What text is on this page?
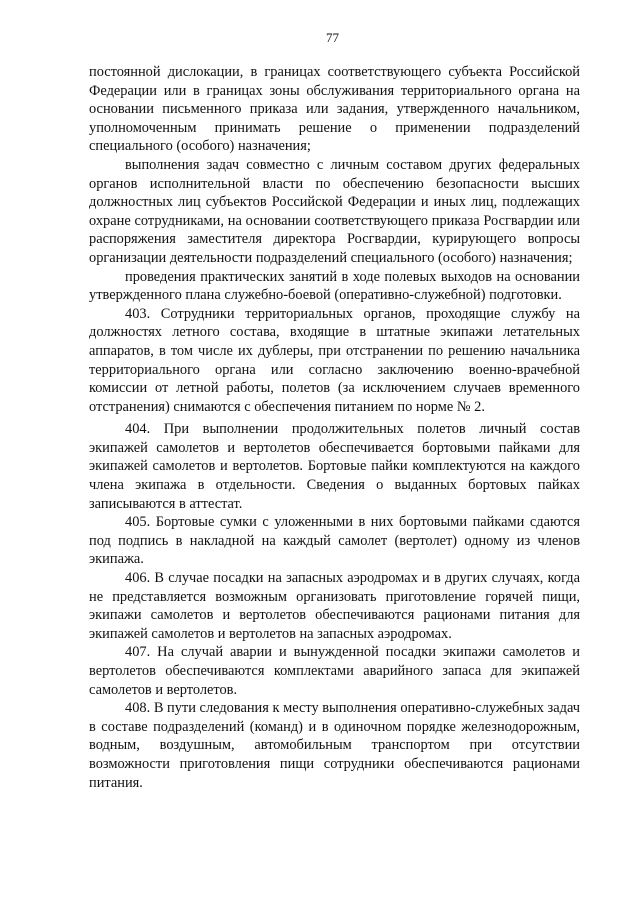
77

постоянной дислокации, в границах соответствующего субъекта Российской Федерации или в границах зоны обслуживания территориального органа на основании письменного приказа или задания, утвержденного начальником, уполномоченным принимать решение о применении подразделений специального (особого) назначения;

выполнения задач совместно с личным составом других федеральных органов исполнительной власти по обеспечению безопасности высших должностных лиц субъектов Российской Федерации и иных лиц, подлежащих охране сотрудниками, на основании соответствующего приказа Росгвардии или распоряжения заместителя директора Росгвардии, курирующего вопросы организации деятельности подразделений специального (особого) назначения;

проведения практических занятий в ходе полевых выходов на основании утвержденного плана служебно-боевой (оперативно-служебной) подготовки.

403. Сотрудники территориальных органов, проходящие службу на должностях летного состава, входящие в штатные экипажи летательных аппаратов, в том числе их дублеры, при отстранении по решению начальника территориального органа или согласно заключению военно-врачебной комиссии от летной работы, полетов (за исключением случаев временного отстранения) снимаются с обеспечения питанием по норме № 2.

404. При выполнении продолжительных полетов личный состав экипажей самолетов и вертолетов обеспечивается бортовыми пайками для экипажей самолетов и вертолетов. Бортовые пайки комплектуются на каждого члена экипажа в отдельности. Сведения о выданных бортовых пайках записываются в аттестат.

405. Бортовые сумки с уложенными в них бортовыми пайками сдаются под подпись в накладной на каждый самолет (вертолет) одному из членов экипажа.

406. В случае посадки на запасных аэродромах и в других случаях, когда не представляется возможным организовать приготовление горячей пищи, экипажи самолетов и вертолетов обеспечиваются рационами питания для экипажей самолетов и вертолетов на запасных аэродромах.

407. На случай аварии и вынужденной посадки экипажи самолетов и вертолетов обеспечиваются комплектами аварийного запаса для экипажей самолетов и вертолетов.

408. В пути следования к месту выполнения оперативно-служебных задач в составе подразделений (команд) и в одиночном порядке железнодорожным, водным, воздушным, автомобильным транспортом при отсутствии возможности приготовления пищи сотрудники обеспечиваются рационами питания.
